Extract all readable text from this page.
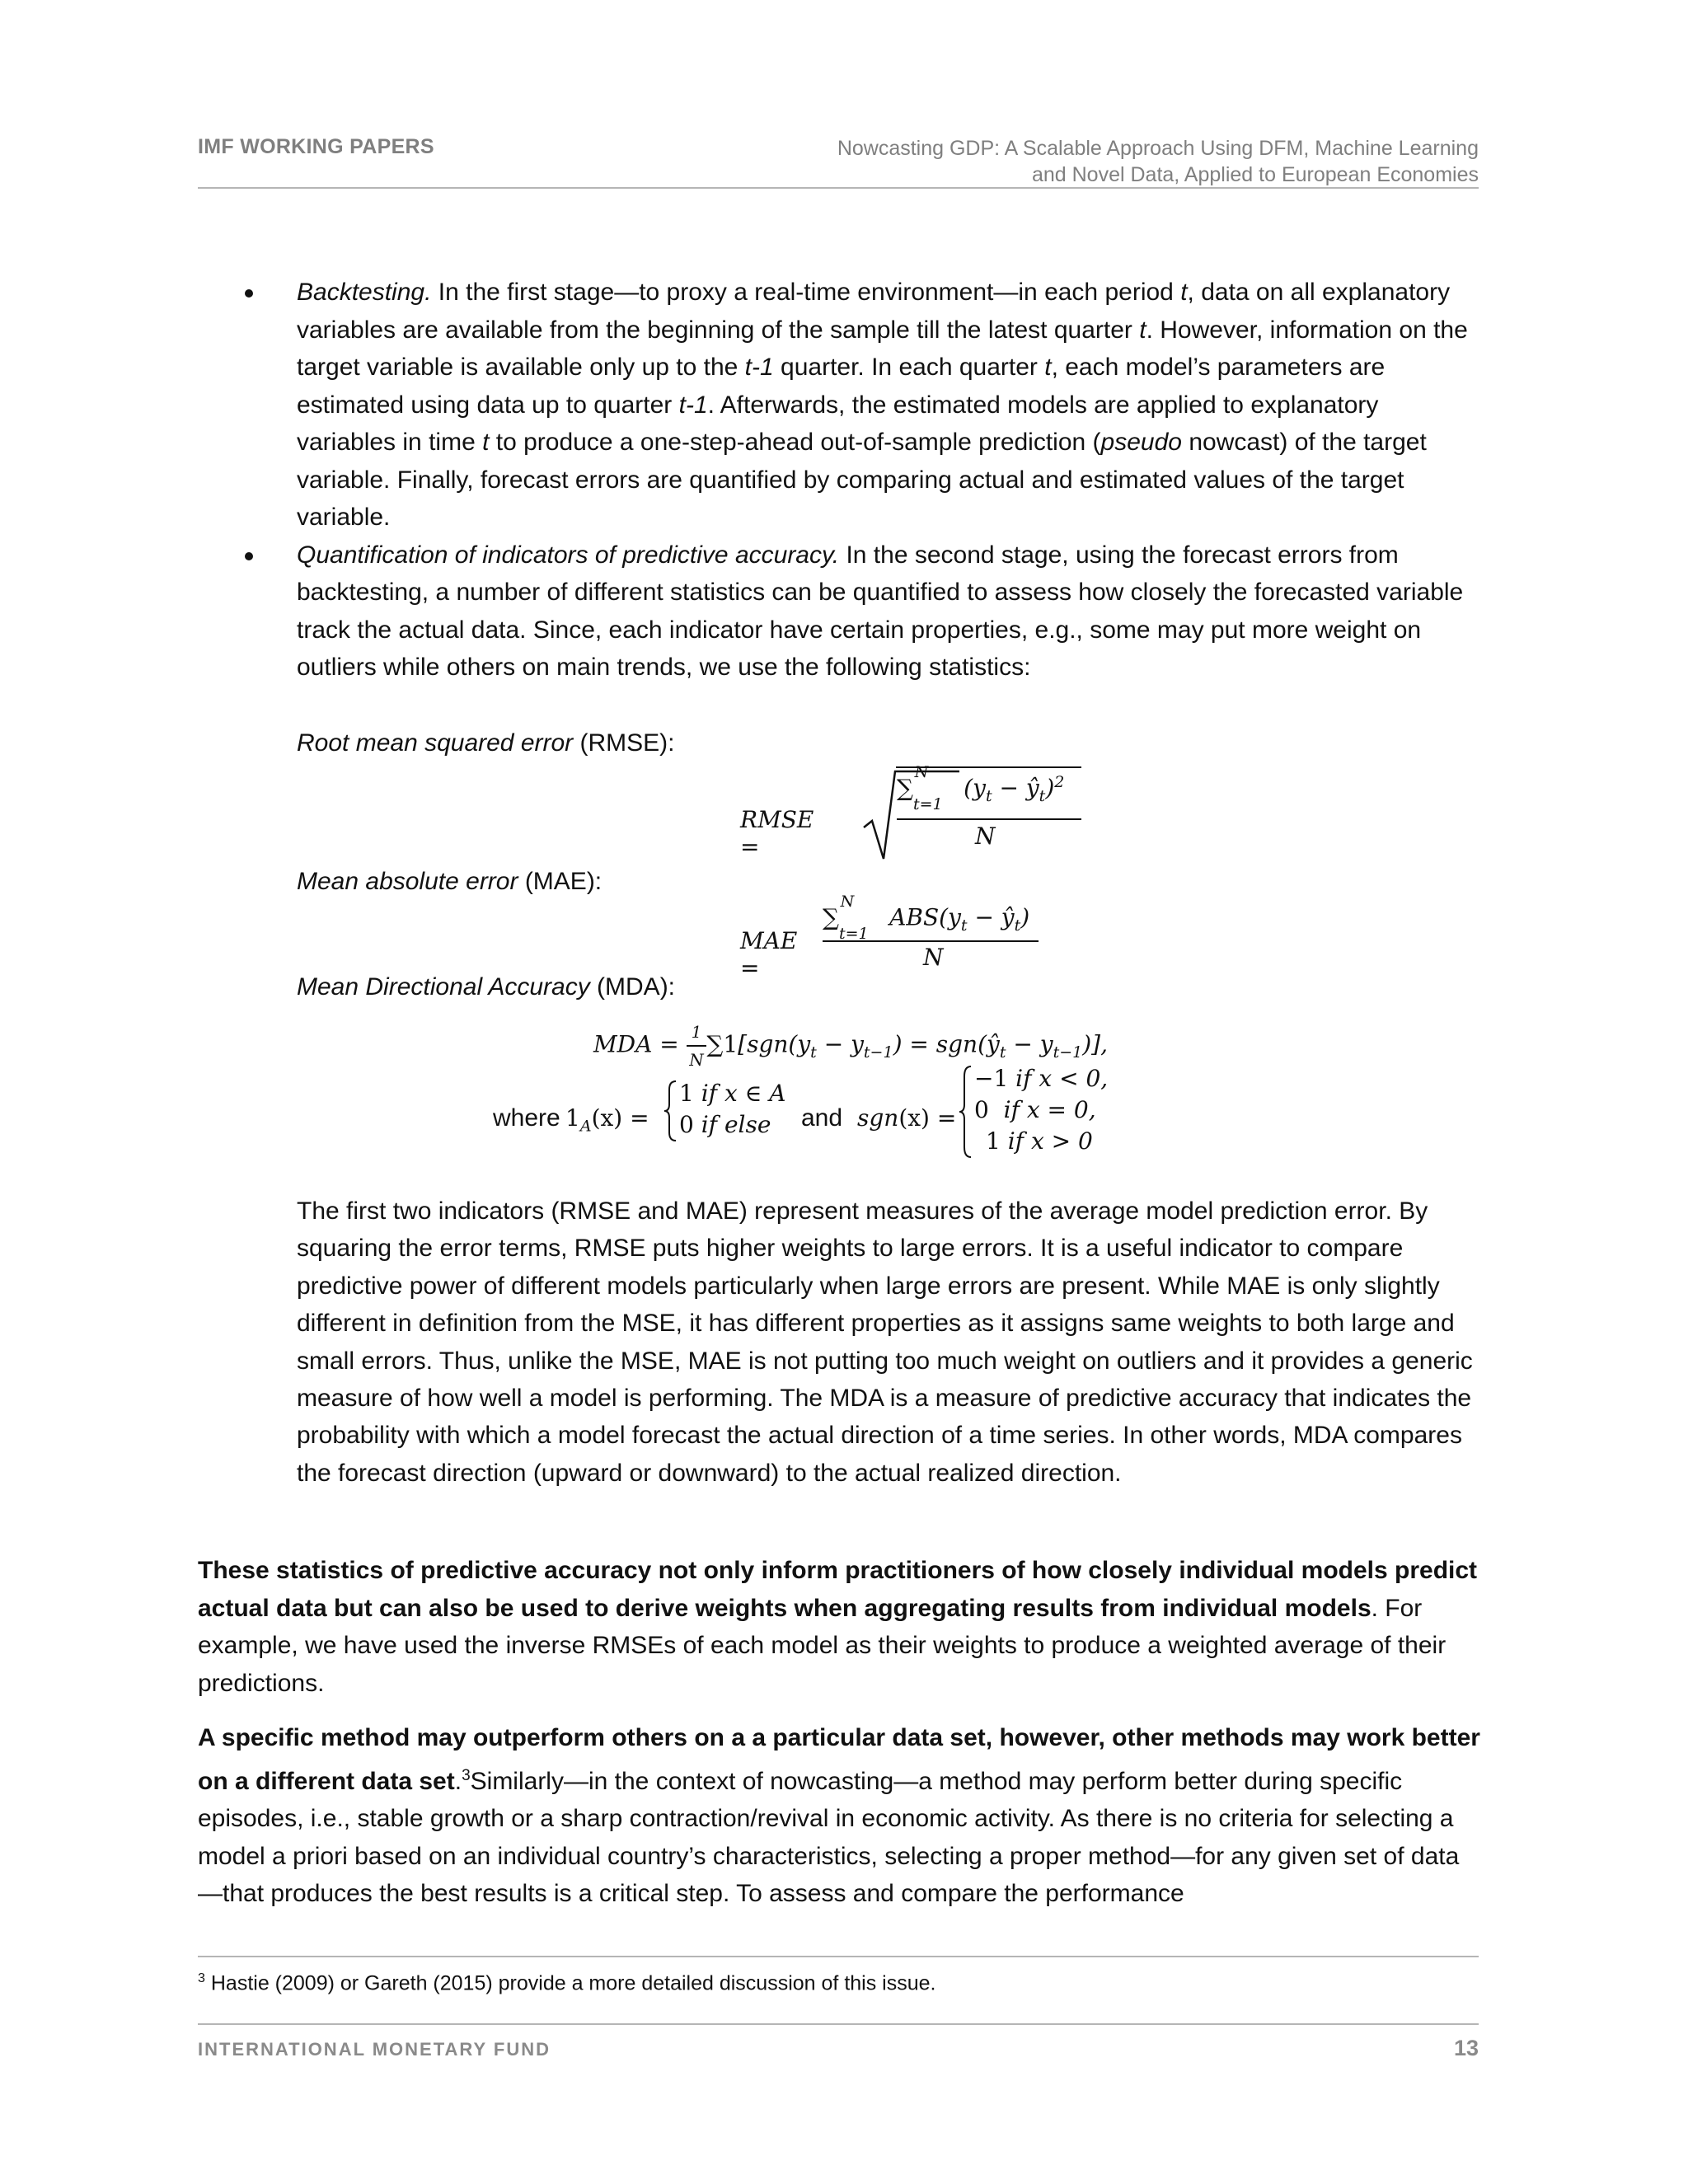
IMF WORKING PAPERS	Nowcasting GDP: A Scalable Approach Using DFM, Machine Learning
and Novel Data, Applied to European Economies
Backtesting. In the first stage—to proxy a real-time environment—in each period t, data on all explanatory variables are available from the beginning of the sample till the latest quarter t. However, information on the target variable is available only up to the t-1 quarter. In each quarter t, each model’s parameters are estimated using data up to quarter t-1. Afterwards, the estimated models are applied to explanatory variables in time t to produce a one-step-ahead out-of-sample prediction (pseudo nowcast) of the target variable. Finally, forecast errors are quantified by comparing actual and estimated values of the target variable.
Quantification of indicators of predictive accuracy. In the second stage, using the forecast errors from backtesting, a number of different statistics can be quantified to assess how closely the forecasted variable track the actual data. Since, each indicator have certain properties, e.g., some may put more weight on outliers while others on main trends, we use the following statistics:
Root mean squared error (RMSE):
RMSE =
$\sum_{t=1}^N$ ($y_t$ − $ŷ_t)^2$
N
Mean absolute error (MAE):
MAE =
$\sum_{t=1}^N$ $ABS(y_t$ − $ŷ_t$)
N
Mean Directional Accuracy (MDA):
MDA = $\frac{1}{N} \sum 1[sgn(y_t - y_{t-1})$ = $sgn(ŷ_t - y_{t-1})$],
where $1_A(x)$ =
1 if x ∈ A
0 if else and sgn(x) =
−1 if x < 0,
0  if x = 0,
1 if x > 0

The first two indicators (RMSE and MAE) represent measures of the average model prediction error. By squaring the error terms, RMSE puts higher weights to large errors. It is a useful indicator to compare predictive power of different models particularly when large errors are present. While MAE is only slightly different in definition from the MSE, it has different properties as it assigns same weights to both large and small errors. Thus, unlike the MSE, MAE is not putting too much weight on outliers and it provides a generic measure of how well a model is performing. The MDA is a measure of predictive accuracy that indicates the probability with which a model forecast the actual direction of a time series. In other words, MDA compares the forecast direction (upward or downward) to the actual realized direction.

These statistics of predictive accuracy not only inform practitioners of how closely individual models predict actual data but can also be used to derive weights when aggregating results from individual models. For example, we have used the inverse RMSEs of each model as their weights to produce a weighted average of their predictions.

A specific method may outperform others on a a particular data set, however, other methods may work better on a different data set.$^3$Similarly—in the context of nowcasting—a method may perform better during specific episodes, i.e., stable growth or a sharp contraction/revival in economic activity. As there is no criteria for selecting a model a priori based on an individual country’s characteristics, selecting a proper method—for any given set of data—that produces the best results is a critical step. To assess and compare the performance

$^3$ Hastie (2009) or Gareth (2015) provide a more detailed discussion of this issue.
INTERNATIONAL MONETARY FUND	13
